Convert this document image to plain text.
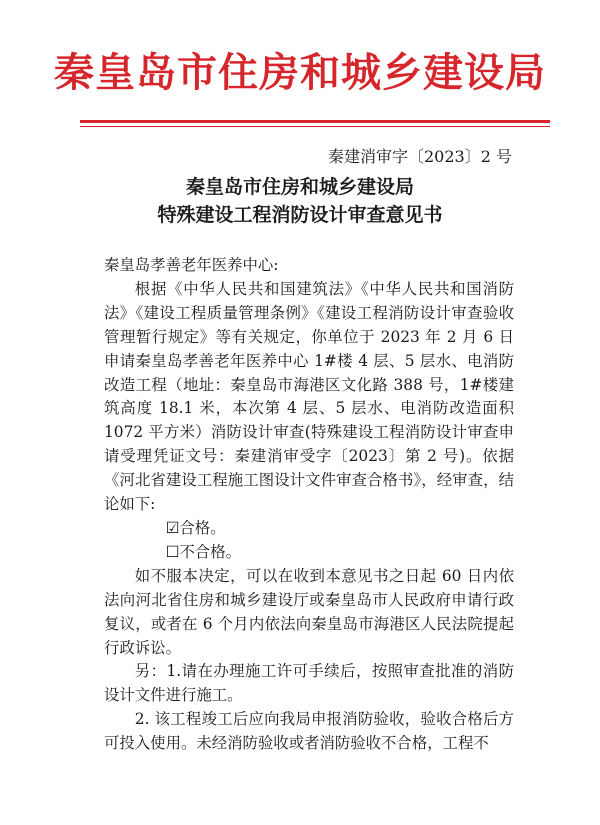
秦皇岛市住房和城乡建设局
秦建消审字〔2023〕2 号
秦皇岛市住房和城乡建设局
特殊建设工程消防设计审查意见书

秦皇岛孝善老年医养中心:

根据《中华人民共和国建筑法》《中华人民共和国消防法》《建设工程质量管理条例》《建设工程消防设计审查验收管理暂行规定》等有关规定，你单位于 2023 年 2 月 6 日申请秦皇岛孝善老年医养中心 1#楼 4 层、5 层水、电消防改造工程（地址：秦皇岛市海港区文化路 388 号，1#楼建筑高度 18.1 米，本次第 4 层、5 层水、电消防改造面积 1072 平方米）消防设计审查(特殊建设工程消防设计审查申请受理凭证文号：秦建消审受字〔2023〕第 2 号)。依据《河北省建设工程施工图设计文件审查合格书》，经审查，结论如下:

☑合格。

☐不合格。

如不服本决定，可以在收到本意见书之日起 60 日内依法向河北省住房和城乡建设厅或秦皇岛市人民政府申请行政复议，或者在 6 个月内依法向秦皇岛市海港区人民法院提起行政诉讼。

另：1.请在办理施工许可手续后，按照审查批准的消防设计文件进行施工。

2. 该工程竣工后应向我局申报消防验收，验收合格后方可投入使用。未经消防验收或者消防验收不合格，工程不
